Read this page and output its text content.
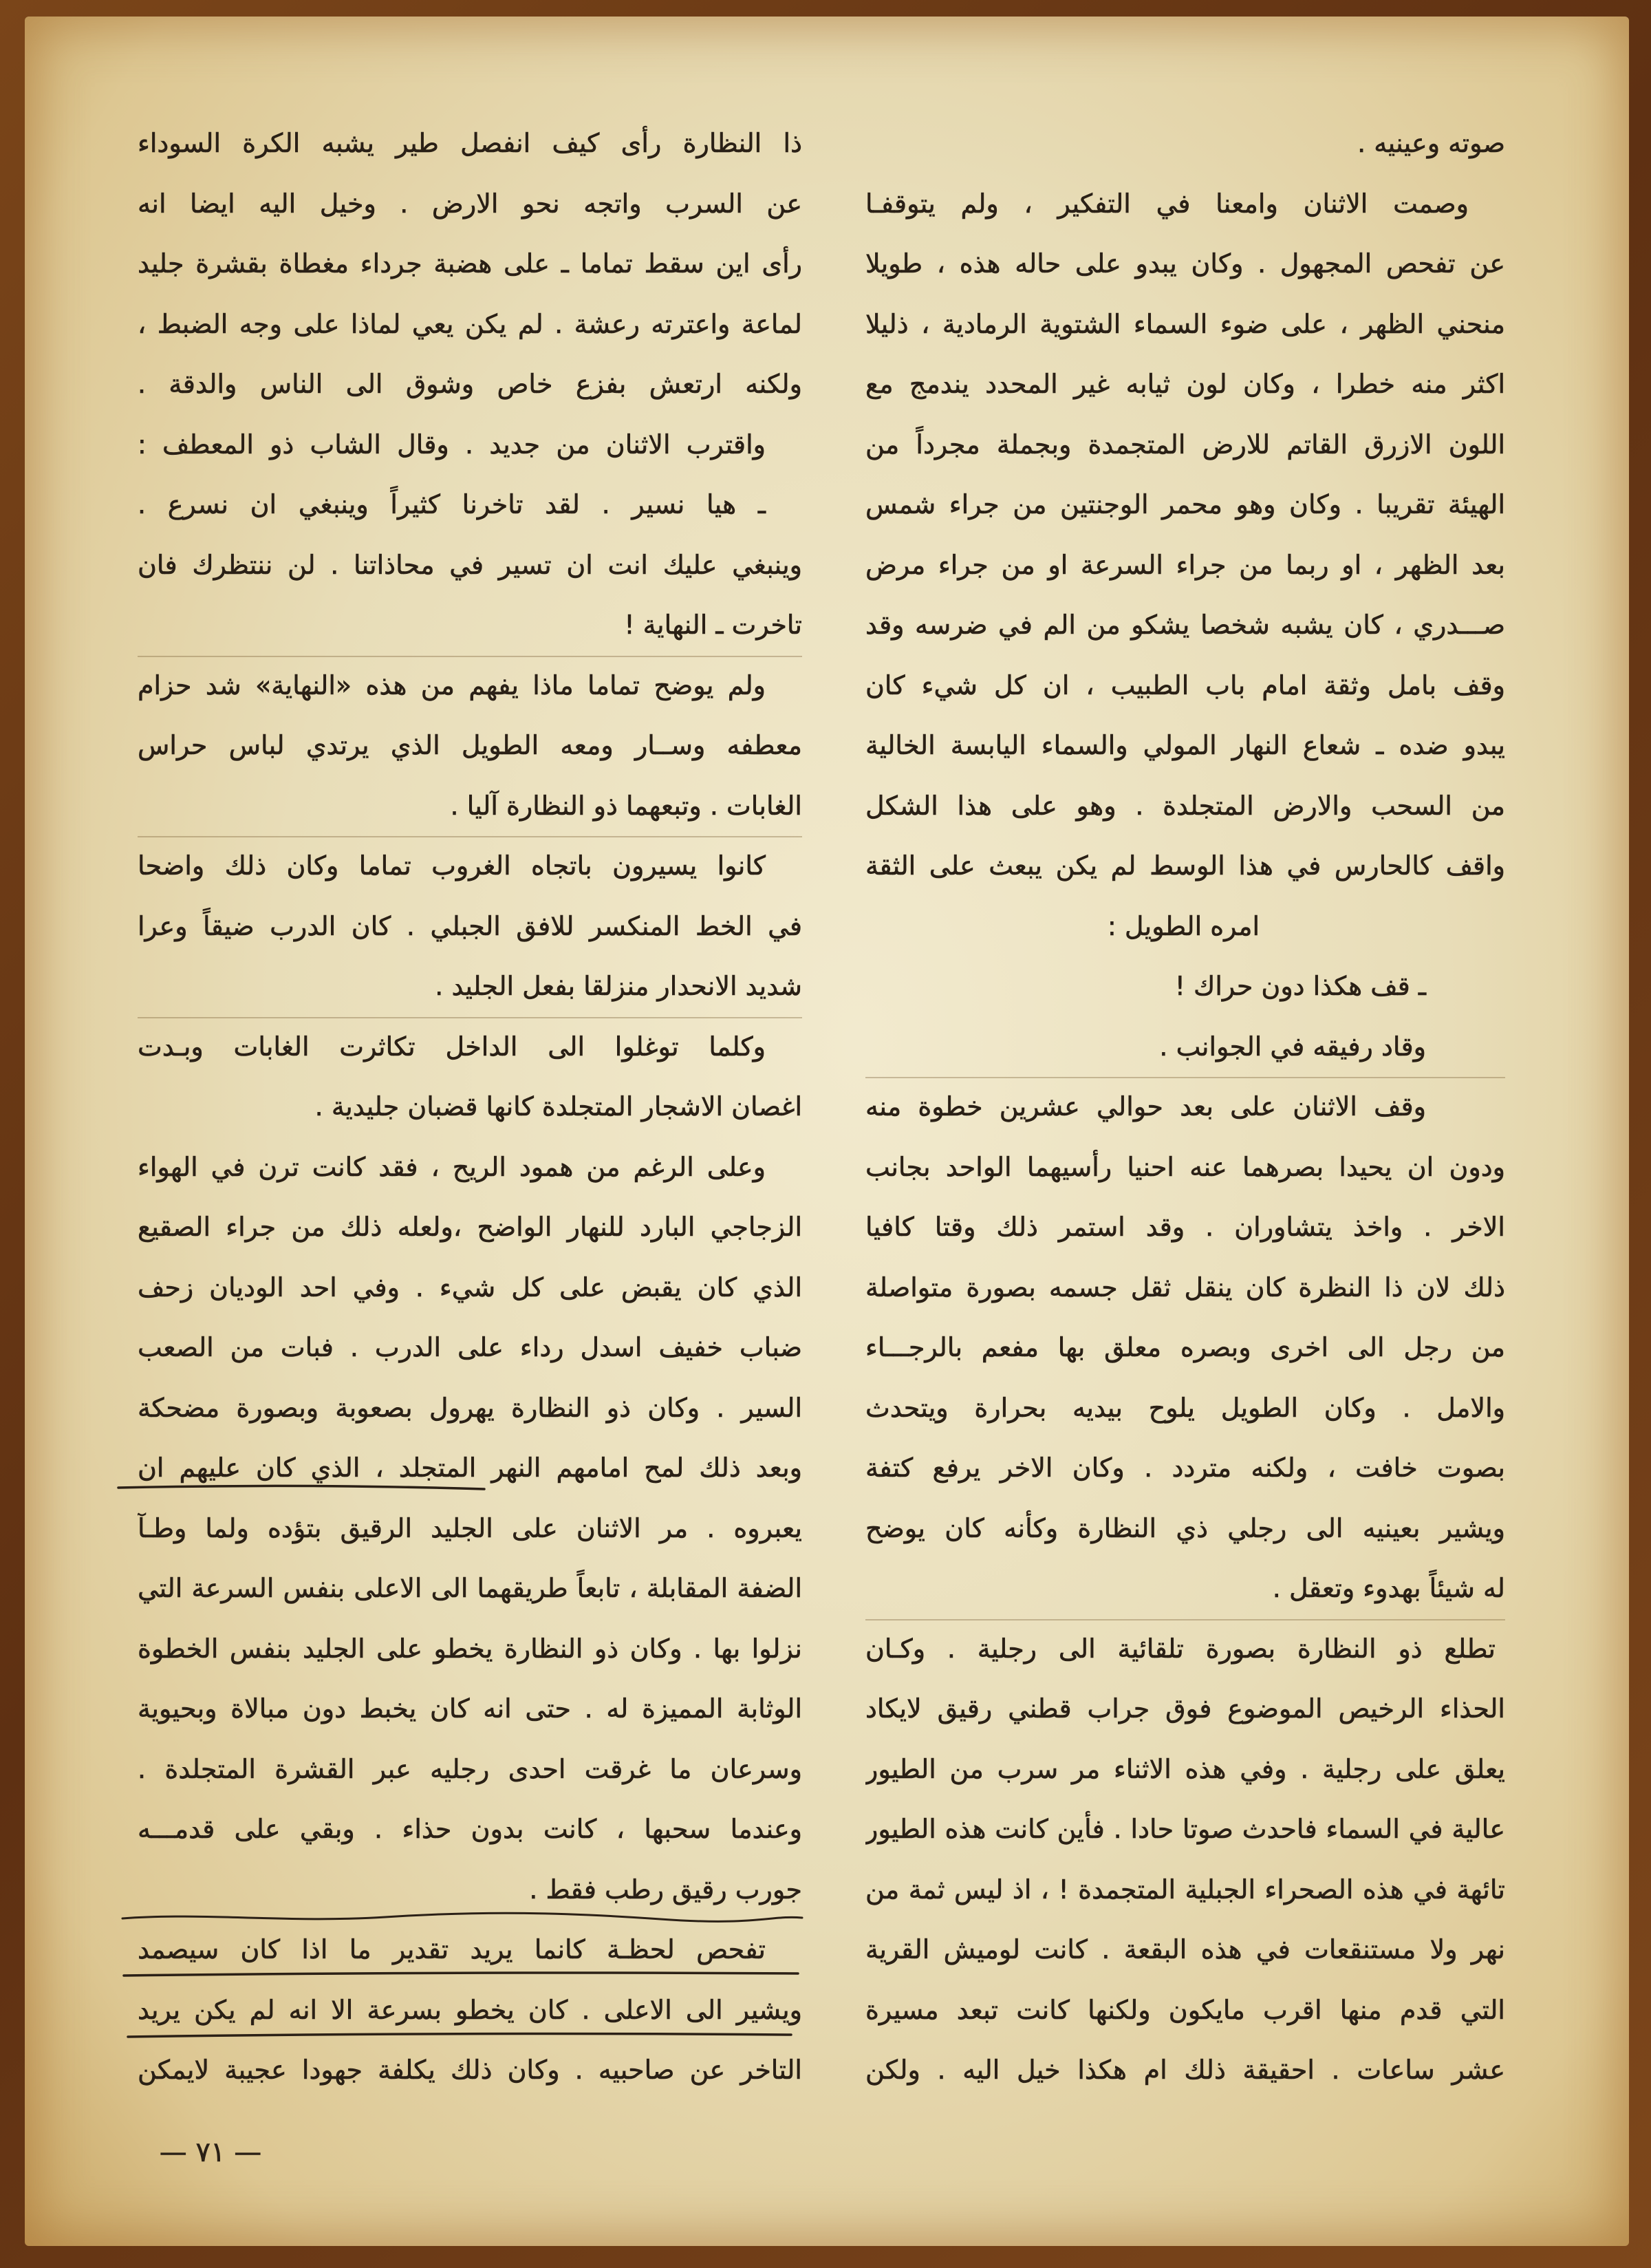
صوته وعينيه .
وصمت الاثنان وامعنا في التفكير ، ولم يتوقفـا
عن تفحص المجهول . وكان يبدو على حاله هذه ، طويلا
منحني الظهر ، على ضوء السماء الشتوية الرمادية ، ذليلا
اكثر منه خطرا ، وكان لون ثيابه غير المحدد يندمج مع
اللون الازرق القاتم للارض المتجمدة وبجملة مجرداً من
الهيئة تقريبا . وكان وهو محمر الوجنتين من جراء شمس
بعد الظهر ، او ربما من جراء السرعة او من جراء مرض
صـــدري ، كان يشبه شخصا يشكو من الم في ضرسه وقد
وقف بامل وثقة امام باب الطبيب ، ان كل شيء كان
يبدو ضده ـ شعاع النهار المولي والسماء اليابسة الخالية
من السحب والارض المتجلدة . وهو على هذا الشكل
واقف كالحارس في هذا الوسط لم يكن يبعث على الثقة
امره الطويل :
ـ قف هكذا دون حراك !
وقاد رفيقه في الجوانب .
وقف الاثنان على بعد حوالي عشرين خطوة منه
ودون ان يحيدا بصرهما عنه احنيا رأسيهما الواحد بجانب
الاخر . واخذ يتشاوران . وقد استمر ذلك وقتا كافيا
ذلك لان ذا النظرة كان ينقل ثقل جسمه بصورة متواصلة
من رجل الى اخرى وبصره معلق بها مفعم بالرجـــاء
والامل . وكان الطويل يلوح بيديه بحرارة ويتحدث
بصوت خافت ، ولكنه متردد . وكان الاخر يرفع كتفة
ويشير بعينيه الى رجلي ذي النظارة وكأنه كان يوضح
له شيئاً بهدوء وتعقل .
تطلع ذو النظارة بصورة تلقائية الى رجلية . وكـان
الحذاء الرخيص الموضوع فوق جراب قطني رقيق لايكاد
يعلق على رجلية . وفي هذه الاثناء مر سرب من الطيور
عالية في السماء فاحدث صوتا حادا . فأين كانت هذه الطيور
تائهة في هذه الصحراء الجبلية المتجمدة ! ، اذ ليس ثمة من
نهر ولا مستنقعات في هذه البقعة . كانت لوميش القرية
التي قدم منها اقرب مايكون ولكنها كانت تبعد مسيرة
عشر ساعات . احقيقة ذلك ام هكذا خيل اليه . ولكن
ذا النظارة رأى كيف انفصل طير يشبه الكرة السوداء
عن السرب واتجه نحو الارض . وخيل اليه ايضا انه
رأى اين سقط تماما ـ على هضبة جرداء مغطاة بقشرة جليد
لماعة واعترته رعشة . لم يكن يعي لماذا على وجه الضبط ،
ولكنه ارتعش بفزع خاص وشوق الى الناس والدقة .
واقترب الاثنان من جديد . وقال الشاب ذو المعطف :
ـ هيا نسير . لقد تاخرنا كثيراً وينبغي ان نسرع .
وينبغي عليك انت ان تسير في محاذاتنا . لن ننتظرك فان
تاخرت ـ النهاية !
ولم يوضح تماما ماذا يفهم من هذه «النهاية» شد حزام
معطفه وســار ومعه الطويل الذي يرتدي لباس حراس
الغابات . وتبعهما ذو النظارة آليا .
كانوا يسيرون باتجاه الغروب تماما وكان ذلك واضحا
في الخط المنكسر للافق الجبلي . كان الدرب ضيقاً وعرا
شديد الانحدار منزلقا بفعل الجليد .
وكلما توغلوا الى الداخل تكاثرت الغابات وبـدت
اغصان الاشجار المتجلدة كانها قضبان جليدية .
وعلى الرغم من همود الريح ، فقد كانت ترن في الهواء
الزجاجي البارد للنهار الواضح ،ولعله ذلك من جراء الصقيع
الذي كان يقبض على كل شيء . وفي احد الوديان زحف
ضباب خفيف اسدل رداء على الدرب . فبات من الصعب
السير . وكان ذو النظارة يهرول بصعوبة وبصورة مضحكة
وبعد ذلك لمح امامهم النهر المتجلد ، الذي كان عليهم ان
يعبروه . مر الاثنان على الجليد الرقيق بتؤده ولما وطـآ
الضفة المقابلة ، تابعاً طريقهما الى الاعلى بنفس السرعة التي
نزلوا بها . وكان ذو النظارة يخطو على الجليد بنفس الخطوة
الوثابة المميزة له . حتى انه كان يخبط دون مبالاة وبحيوية
وسرعان ما غرقت احدى رجليه عبر القشرة المتجلدة .
وعندما سحبها ، كانت بدون حذاء . وبقي على قدمـــه
جورب رقيق رطب فقط .
تفحص لحظـة كانما يريد تقدير ما اذا كان سيصمد
ويشير الى الاعلى . كان يخطو بسرعة الا انه لم يكن يريد
التاخر عن صاحبيه . وكان ذلك يكلفة جهودا عجيبة لايمكن
— ٧١ —
